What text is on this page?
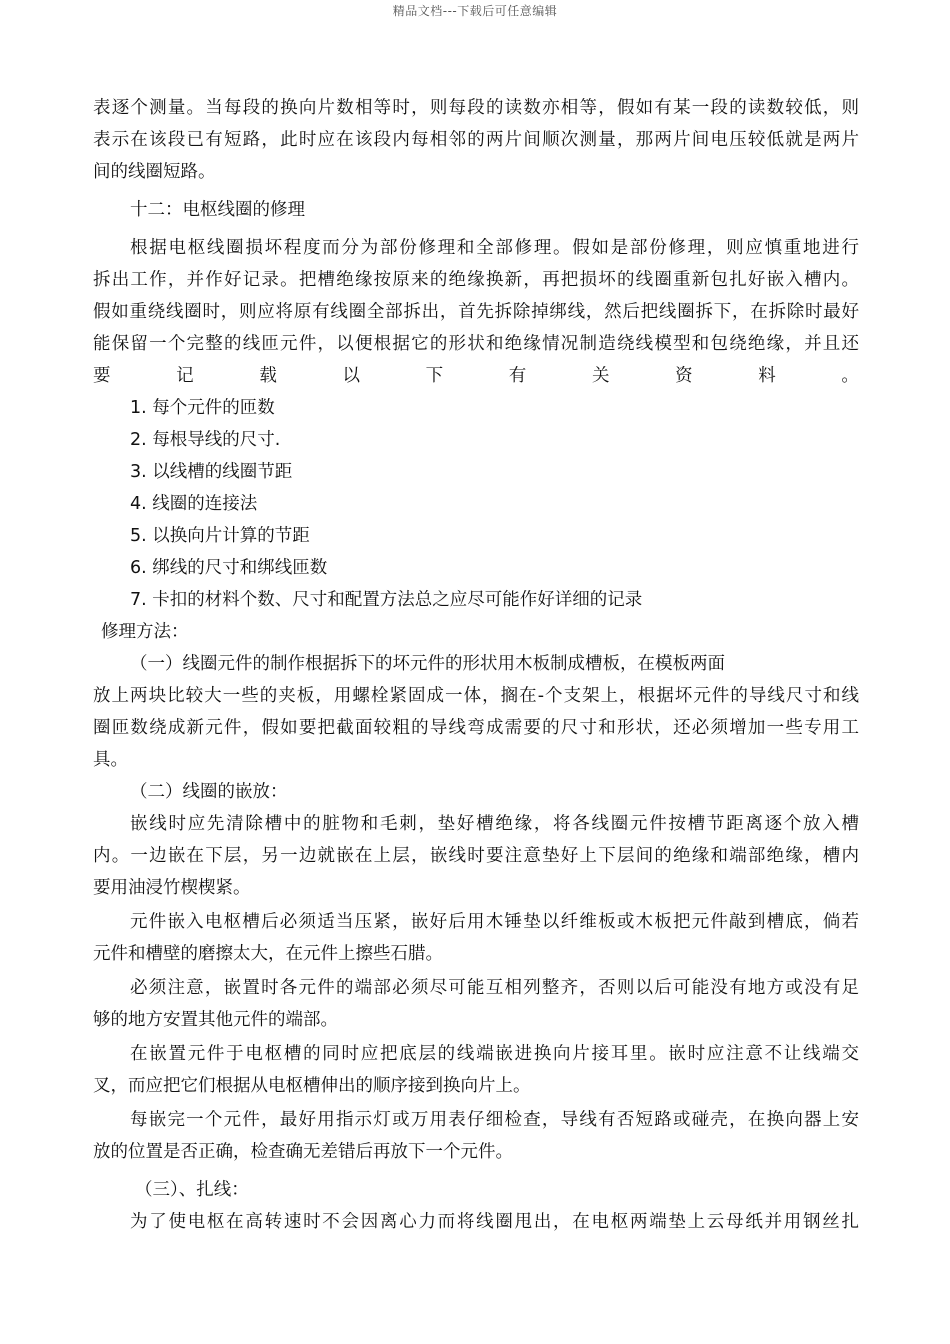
精品文档---下载后可任意编辑
表逐个测量。当每段的换向片数相等时，则每段的读数亦相等，假如有某一段的读数较低，则
表示在该段已有短路，此时应在该段内每相邻的两片间顺次测量，那两片间电压较低就是两片
间的线圈短路。
十二：电枢线圈的修理
根据电枢线圈损坏程度而分为部份修理和全部修理。假如是部份修理，则应慎重地进行
拆出工作，并作好记录。把槽绝缘按原来的绝缘换新，再把损坏的线圈重新包扎好嵌入槽内。
假如重绕线圈时，则应将原有线圈全部拆出，首先拆除掉绑线，然后把线圈拆下，在拆除时最好
能保留一个完整的线匝元件，以便根据它的形状和绝缘情况制造绕线模型和包绕绝缘，并且还
要	记	载	以	下	有	关	资	料	。
1. 每个元件的匝数
2. 每根导线的尺寸.
3. 以线槽的线圈节距
4. 线圈的连接法
5. 以换向片计算的节距
6. 绑线的尺寸和绑线匝数
7. 卡扣的材料个数、尺寸和配置方法总之应尽可能作好详细的记录
修理方法：
（一）线圈元件的制作根据拆下的坏元件的形状用木板制成槽板，在模板两面
放上两块比较大一些的夹板，用螺栓紧固成一体，搁在-个支架上，根据坏元件的导线尺寸和线
圈匝数绕成新元件，假如要把截面较粗的导线弯成需要的尺寸和形状，还必须增加一些专用工
具。
（二）线圈的嵌放：
嵌线时应先清除槽中的脏物和毛刺，垫好槽绝缘，将各线圈元件按槽节距离逐个放入槽
内。一边嵌在下层，另一边就嵌在上层，嵌线时要注意垫好上下层间的绝缘和端部绝缘，槽内
要用油浸竹楔楔紧。
元件嵌入电枢槽后必须适当压紧，嵌好后用木锤垫以纤维板或木板把元件敲到槽底，倘若
元件和槽壁的磨擦太大，在元件上擦些石腊。
必须注意，嵌置时各元件的端部必须尽可能互相列整齐，否则以后可能没有地方或没有足
够的地方安置其他元件的端部。
在嵌置元件于电枢槽的同时应把底层的线端嵌进换向片接耳里。嵌时应注意不让线端交
叉，而应把它们根据从电枢槽伸出的顺序接到换向片上。
每嵌完一个元件，最好用指示灯或万用表仔细检查，导线有否短路或碰壳，在换向器上安
放的位置是否正确，检查确无差错后再放下一个元件。
（三）、扎线：
为了使电枢在高转速时不会因离心力而将线圈甩出，在电枢两端垫上云母纸并用钢丝扎
